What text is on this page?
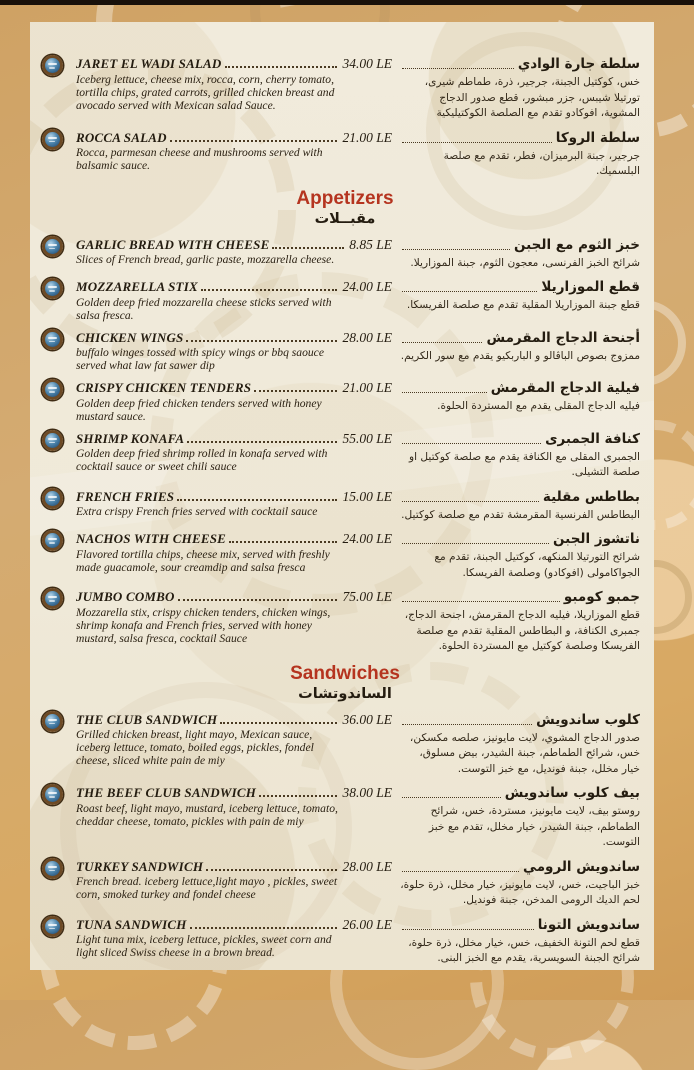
JARET EL WADI SALAD	34.00 LE
Iceberg lettuce, cheese mix, rocca, corn, cherry tomato, tortilla chips, grated carrots, grilled chicken breast and avocado served with Mexican salad Sauce.
سلطة جارة الوادي
خس، كوكتيل الجبنة، جرجير، ذرة، طماطم شيرى، تورتيلا شيبس، جزر مبشور، قطع صدور الدجاج المشوية، افوكادو تقدم مع الصلصة الكوكتيليكية
ROCCA SALAD	21.00 LE
Rocca, parmesan cheese and mushrooms served with balsamic sauce.
سلطة الروكا
جرجير، جبنة البرميزان، فطر، تقدم مع صلصة البلسميك.
Appetizers
مقبــلات
GARLIC BREAD WITH CHEESE	8.85 LE
Slices of French bread, garlic paste, mozzarella cheese.
خبز الثوم مع الجبن
شرائح الخبز الفرنسى، معجون الثوم، جبنة الموزاريلا.
MOZZARELLA STIX	24.00 LE
Golden deep fried mozzarella cheese sticks served with salsa fresca.
قطع الموزاريلا
قطع جبنة الموزاريلا المقلية تقدم مع صلصة الفريسكا.
CHICKEN WINGS	28.00 LE
buffalo winges tossed with spicy wings or bbq saouce served what law fat sawer dip
أجنحة الدجاج المقرمش
ممزوج بصوص الباڤالو و الباربكيو يقدم مع سور الكريم.
CRISPY CHICKEN TENDERS	21.00 LE
Golden deep fried chicken tenders served with honey mustard sauce.
فيلية الدجاج المقرمش
فيليه الدجاج المقلى يقدم مع المستردة الحلوة.
SHRIMP KONAFA	55.00 LE
Golden deep fried shrimp rolled in konafa served with cocktail sauce or sweet chili sauce
كنافة الجمبرى
الجمبرى المقلى مع الكنافة يقدم مع صلصة كوكتيل او صلصة التشيلى.
FRENCH FRIES	15.00 LE
Extra crispy French fries served with cocktail sauce
بطاطس مقلية
البطاطس الفرنسية المقرمشة تقدم مع صلصة كوكتيل.
NACHOS WITH CHEESE	24.00 LE
Flavored tortilla chips, cheese mix, served with freshly made guacamole, sour creamdip and salsa fresca
ناتشوز الجبن
شرائح التورتيلا المنكهه، كوكتيل الجبنة، تقدم مع الجواكامولى (افوكادو) وصلصة الفريسكا.
JUMBO COMBO	75.00 LE
Mozzarella stix, crispy chicken tenders, chicken wings, shrimp konafa and French fries, served with honey mustard, salsa fresca, cocktail Sauce
جمبو كومبو
قطع الموزاريلا، فيليه الدجاج المقرمش، اجنحة الدجاج، جمبرى الكنافة، و البطاطس المقلية تقدم مع صلصة الفريسكا وصلصة كوكتيل مع المستردة الحلوة.
Sandwiches
الساندوتشات
THE CLUB SANDWICH	36.00 LE
Grilled chicken breast, light mayo, Mexican sauce, iceberg lettuce, tomato, boiled eggs, pickles, fondel cheese, sliced white pain de miy
كلوب ساندويش
صدور الدجاج المشوي، لايت مايونيز، صلصه مكسكن، خس، شرائح الطماطم، جبنة الشيدر، بيض مسلوق، خيار مخلل، جبنة فونديل، مع خبز التوست.
THE BEEF CLUB SANDWICH	38.00 LE
Roast beef, light mayo, mustard, iceberg lettuce, tomato, cheddar cheese, tomato, pickles with pain de miy
بيف كلوب ساندويش
روستو بيف، لايت مايونيز، مستردة، خس، شرائح الطماطم، جبنة الشيدر، خيار مخلل، تقدم مع خبز التوست.
TURKEY SANDWICH	28.00 LE
French bread. iceberg lettuce,light mayo , pickles, sweet corn, smoked turkey and fondel cheese
ساندويش الرومي
خبز الباجيت، خس، لايت مايونيز، خيار مخلل، ذرة حلوة، لحم الديك الرومى المدخن، جبنة فونديل.
TUNA SANDWICH	26.00 LE
Light tuna mix, iceberg lettuce, pickles, sweet corn and light sliced Swiss cheese in a brown bread.
ساندويش التونا
قطع لحم التونة الخفيف، خس، خيار مخلل، ذرة حلوة، شرائح الجبنة السويسرية، يقدم مع الخبز البنى.
